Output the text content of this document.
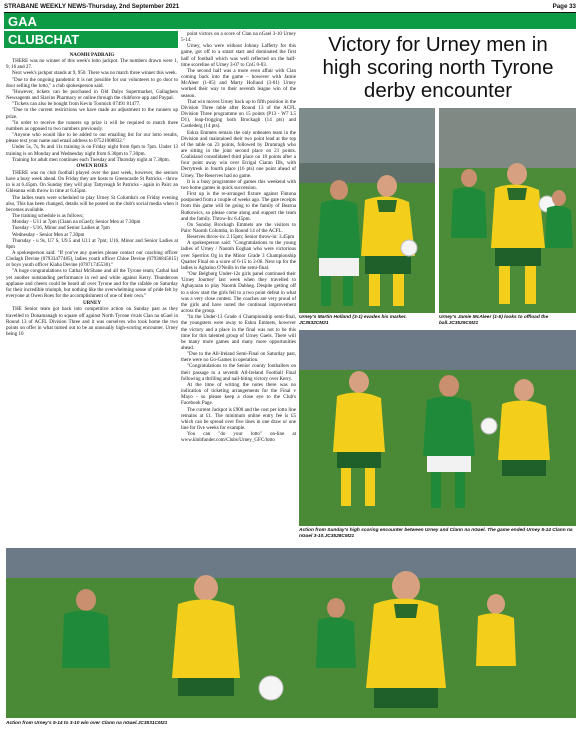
STRABANE WEEKLY NEWS-Thursday, 2nd September 2021	Page 33
GAA
CLUBCHAT

NAOMH PADRAIG

THERE was no winner of this week's lotto jackpot. The numbers drawn were 1, 9, 16 and 27.

Next week's jackpot stands at 9, 950. There was no match three winner this week.

"Due to the ongoing pandemic it is not possible for our volunteers to go door to door selling the lotto," a club spokesperson said.

"However, tickets can be purchased in Old Dalys Supermarket, Gallaghers Newsagents and Slavins Pharmacy or online through the clubforce app and Paypal.

"Tickets can also be bought from Kevin Toomick 07491 81477.

"Due to the current restrictions we have made an adjustment to the runners up prize.

"In order to receive the runners up prize it will be required to match three numbers as opposed to two numbers previously.

"Anyone who would like to be added to our emailing list for our lotto results, please text your name and email address to 07521008832."

Under 5s, 7s, 9s and 11s training is on Friday night from 6pm to 7pm. Under 13 training is on Monday and Wednesday night from 6.30pm to 7.30pm.

Training for adult men continues each Tuesday and Thursday night at 7.30pm.

OWEN ROES

THERE was no club football played over the past week, however, the seniors have a busy week ahead. On Friday they are hosts to Greencastle St Patricks - throw in is at 6.45pm. On Sunday they will play Tattyreagh St Patricks - again in Pairc an Ghleanna with throw in time at 6.45pm.

The ladies team were scheduled to play Urney St Columba's on Friday evening also, This has been changed, details will be posted on the club's social media when it becomes available.

The training schedule is as follows;

Monday - U11 at 7pm (Clann na nGael); Senior Men at 7.30pm

Tuesday - U16, Minor and Senior Ladies at 7pm

Wednesday - Senior Men at 7.30pm

Thursday - u 9s, U7 S, U9.5 and U11 at 7pm; U16, Minor and Senior Ladies at 8pm

A spokesperson said: "If you've any queries please contact our coaching officer Clodagh Devine (07933477485), ladies youth officer Chloe Devine (07936845615) or boys youth officer Kiaba Devine (07871745530)."

"A huge congratulations to Cathal McShane and all the Tyrone team; Cathal had yet another outstanding performance in red and white against Kerry. Thunderous applause and cheers could be heard all over Tyrone and for the rafalde on Saturday for their incredible triumph, but nothing like the overwhelming sense of pride felt by everyone at Owen Roes for the accomplishment of one of their own."

URNEY

THE Senior team got back into competitive action on Sunday past as they travelled to Donamanagh to square off against North Tyrone rivals Clan na nGael in Round 13 of ACFL Division Three and it was ourselves who took home the two points on offer in what turned out to be an unusually high-scoring encounter. Urney being 10

point victors on a score of Clan na nGael 3-10 Urney 5-14.

Urney, who were without Johnny Lafferty for this game, got off to a smart start and dominated the first half of football which was well reflected on the half-time scoreline of Urney 3-07 to CnG 0-03.

The second half was a more even affair with Clan coming back into the game – however with Jamie McAleer (1-05) and Marty Holland (3-01) Urney worked their way to their seventh league win of the season.

That win moves Urney back up to fifth position in the Division Three table after Round 13 of the ACFL Division Three programme on 15 points (P13 - W7 L5 D1), leap-frogging both Brockagh (14 pts) and Castlederg (14 pts).

Eskra Emmets remain the only unbeaten team in the Division and maintained their two point lead at the top of the table on 23 points, followed by Drumragh who are sitting in the joint second place on 21 points. Coalisland consolidated third place on 18 points after a four point away win over Errigal Ciaran IIIs, with Derrytresk in fourth place (16 pts) one point ahead of Urney. The Reserves had no game.

It is a busy programme of games this weekend with two home games in quick succession.

First up is the re-arranged fixture against Fintona postponed from a couple of weeks ago. The gate receipts from this game will be going to the family of Bearna Rutkowics, so please come along and support the team and the family. Throw-In: 6.45pm.

On Sunday Brockagh Emmets are the visitors to Pairc Naomh Columba, in Round 14 of the ACFL.

Reserves throw-in: 2.15pm; Senior throw-in: 3.45pm

A spokesperson said: "Congratulations to the young ladies of Urney / Naomh Eoghan who were victorious over Sperrins Og in the Minor Grade 3 Championship Quarter Final on a score of 6-15 to 2-06. Next up for the ladies is Aghaloo O'Neills in the semi-final.

"Our Belgburg Under-12s girls panel continued their 'Urney Journey' last week when they travelled to Aghayaran to play Naomh Dabheg. Despite getting off to a slow start the girls fell to a two point defeat in what was a very close contest. The coaches are very proud of the girls and have noted the continual improvement across the group.

"In the Under-13 Grade 4 Championship semi-final, the youngsters were away to Eskra Emmets, however the victory and a place in the final was not to be this time for this talented group of Urney Gaels. There will be many more games and many more opportunities ahead.

"Due to the All-Ireland Semi-Final on Saturday past, there were no Go-Games in operation.

"Congratulations to the Senior county footballers on their passage to a seventh All-Ireland Football Final following a thrilling and nail-biting victory over Kerry.

At the time of writing the notes there was no indication of ticketing arrangements for the Final v Mayo - so please keep a close eye to the Club's Facebook Page.

The current Jackpot is £900 and the cost per lotto line remains at £1. The minimum online entry fee is £5 which can be spread over five lines in one draw or one line for five weeks for example.

You can "do your lotto" on-line at www.klubfunder.com/Clubs/Urney_GFC/lotto

Victory for Urney men in
high scoring north Tyrone
derby encounter
Urney's Martin Holland (3-1) evades his marker. JC3532CM21
Urney's Jamie McAleer (1-5) looks to offload the ball.JC3529CM21
Action from Sunday's high scoring encounter between Urney and Clann na nGael. The game ended Urney 5-14 Clann na nGael 3-10.JC3528CM21
Action from Urney's 5-14 to 3-10 win over Clann na nGael.JC3531CM21
